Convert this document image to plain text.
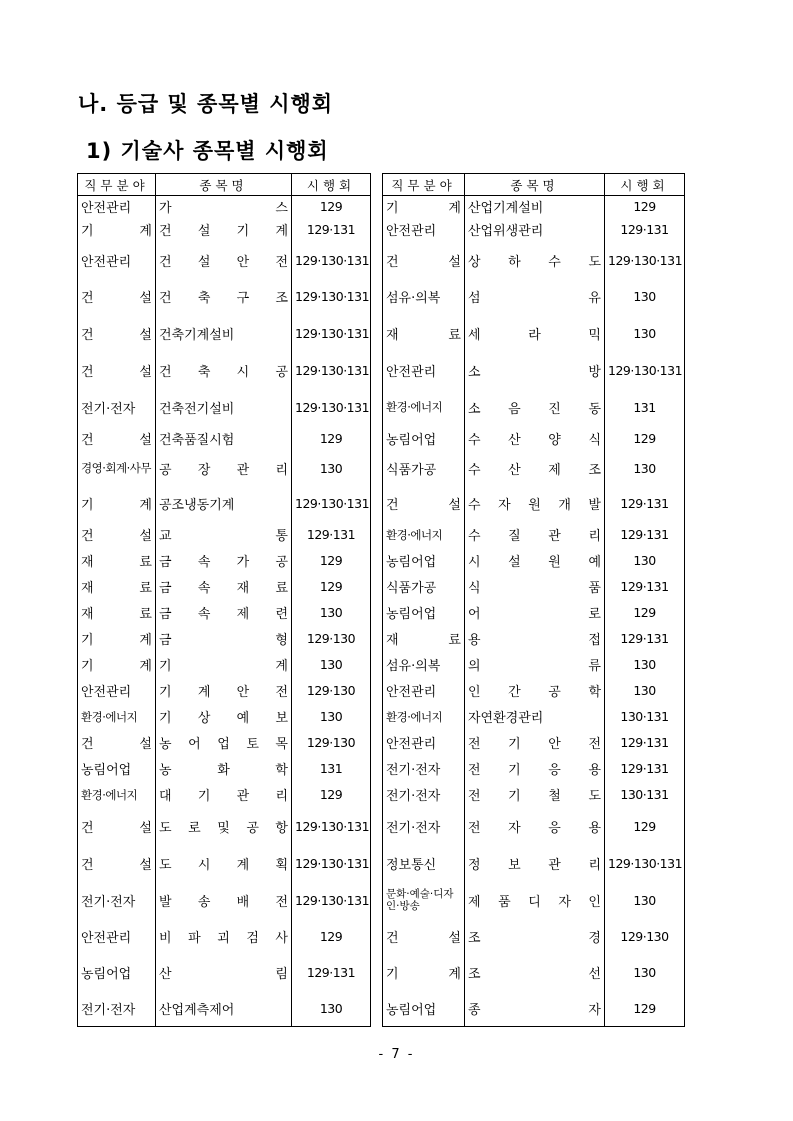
나. 등급 및 종목별 시행회
1) 기술사 종목별 시행회
직무분야	종목명	시행회
안전관리	가　　　　스	129
기　　계	건　설　기　계	129·131
안전관리	건　설　안　전	129·130·131
건　　설	건　축　구　조	129·130·131
건　　설	건축기계설비	129·130·131
건　　설	건　축　시　공	129·130·131
전기·전자	건축전기설비	129·130·131
건　　설	건축품질시험	129
경영·회계·사무	공　장　관　리	130
기　　계	공조냉동기계	129·130·131
건　　설	교　　　　통	129·131
재　　료	금　속　가　공	129
재　　료	금　속　재　료	129
재　　료	금　속　제　련	130
기　　계	금　　　　형	129·130
기　　계	기　　　　계	130
안전관리	기　계　안　전	129·130
환경·에너지	기　상　예　보	130
건　　설	농　어　업　토　목	129·130
농림어업	농　　화　　학	131
환경·에너지	대　기　관　리	129
건　　설	도　로　및　공　항	129·130·131
건　　설	도　시　계　획	129·130·131
전기·전자	발　송　배　전	129·130·131
안전관리	비　파　괴　검　사	129
농림어업	산　　　　림	129·131
전기·전자	산업계측제어	130
직무분야	종목명	시행회
기　　계	산업기계설비	129
안전관리	산업위생관리	129·131
건　　설	상　하　수　도	129·130·131
섬유·의복	섬　　　　유	130
재　　료	세　　라　　믹	130
안전관리	소　　　　방	129·130·131
환경·에너지	소　음　진　동	131
농림어업	수　산　양　식	129
식품가공	수　산　제　조	130
건　　설	수　자　원　개　발	129·131
환경·에너지	수　질　관　리	129·131
농림어업	시　설　원　예	130
식품가공	식　　　　품	129·131
농림어업	어　　　　로	129
재　　료	용　　　　접	129·131
섬유·의복	의　　　　류	130
안전관리	인　간　공　학	130
환경·에너지	자연환경관리	130·131
안전관리	전　기　안　전	129·131
전기·전자	전　기　응　용	129·131
전기·전자	전　기　철　도	130·131
전기·전자	전　자　응　용	129
정보통신	정　보　관　리	129·130·131
문화·예술·디자인·방송	제　품　디　자　인	130
건　　설	조　　　　경	129·130
기　　계	조　　　　선	130
농림어업	종　　　　자	129
- 7 -
